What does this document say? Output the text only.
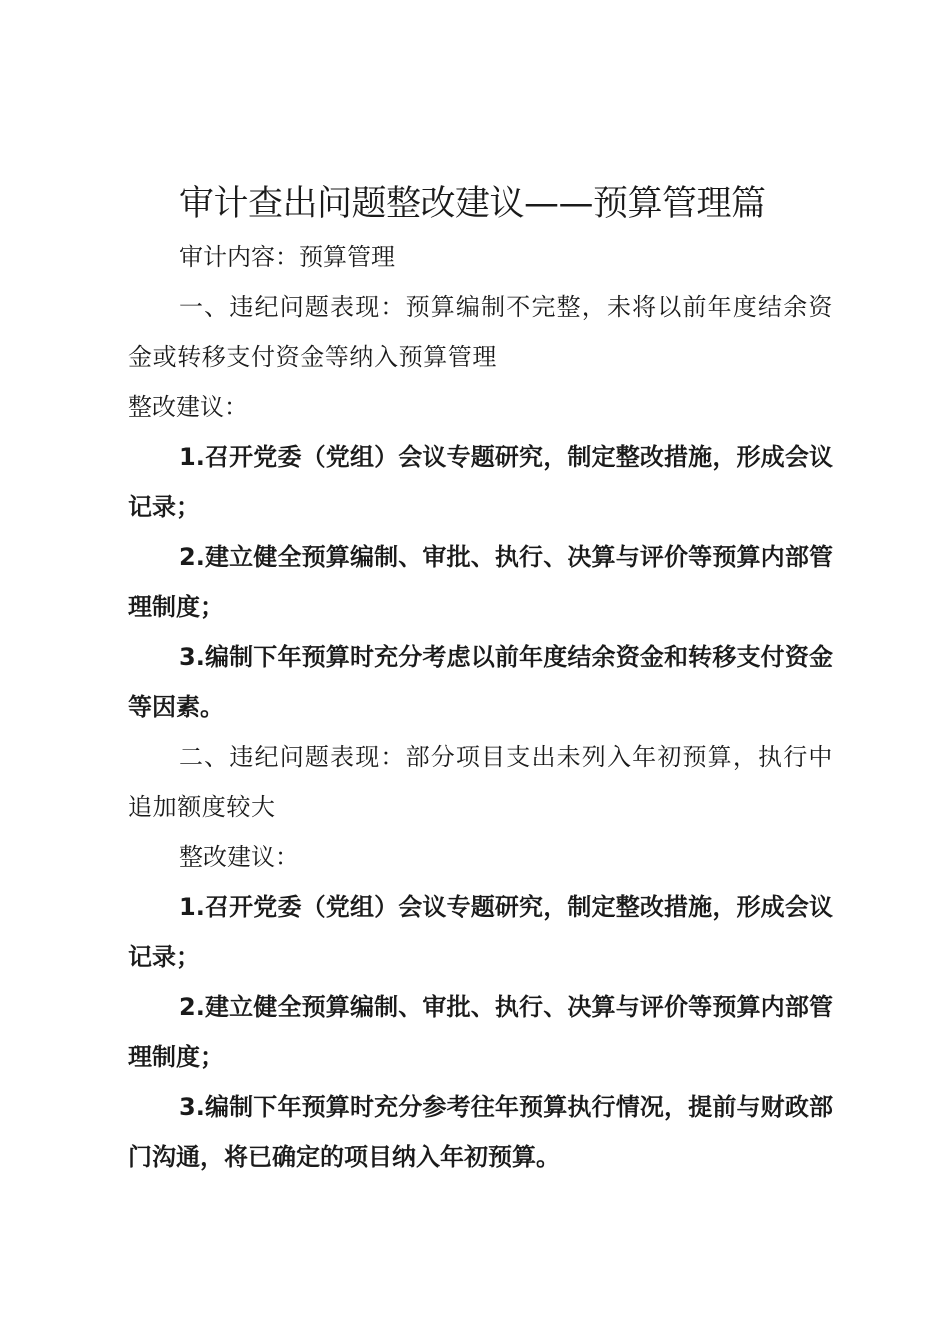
审计查出问题整改建议——预算管理篇

审计内容：预算管理

一、违纪问题表现：预算编制不完整，未将以前年度结余资金或转移支付资金等纳入预算管理

整改建议：

1.召开党委（党组）会议专题研究，制定整改措施，形成会议记录；

2.建立健全预算编制、审批、执行、决算与评价等预算内部管理制度；

3.编制下年预算时充分考虑以前年度结余资金和转移支付资金等因素。

二、违纪问题表现：部分项目支出未列入年初预算，执行中追加额度较大

整改建议：

1.召开党委（党组）会议专题研究，制定整改措施，形成会议记录；

2.建立健全预算编制、审批、执行、决算与评价等预算内部管理制度；

3.编制下年预算时充分参考往年预算执行情况，提前与财政部门沟通，将已确定的项目纳入年初预算。
